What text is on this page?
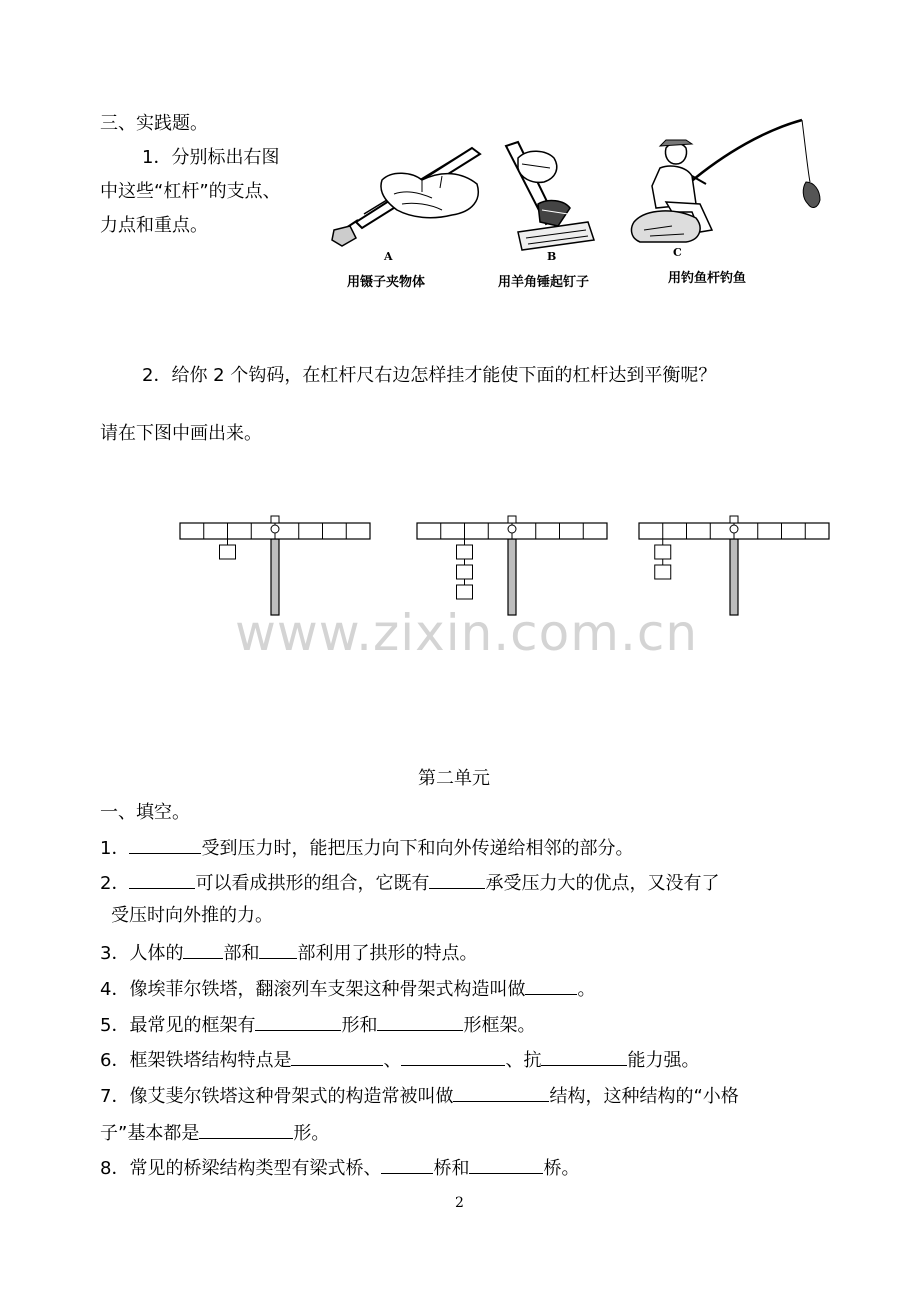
三、实践题。
1．分别标出右图
中这些“杠杆”的支点、
力点和重点。
A
用镊子夹物体
B
用羊角锤起钉子
C
用钓鱼杆钓鱼
2．给你 2 个钩码，在杠杆尺右边怎样挂才能使下面的杠杆达到平衡呢？
请在下图中画出来。
www.zixin.com.cn
第二单元
一、填空。
1．	受到压力时，能把压力向下和向外传递给相邻的部分。
2．	可以看成拱形的组合，它既有	承受压力大的优点，又没有了
受压时向外推的力。
3．人体的 部和 部利用了拱形的特点。
4．像埃菲尔铁塔，翻滚列车支架这种骨架式构造叫做	。
5．最常见的框架有	形和	形框架。
6．框架铁塔结构特点是	、	、抗	能力强。
7．像艾斐尔铁塔这种骨架式的构造常被叫做	结构，这种结构的“小格
子”基本都是	形。
8．常见的桥梁结构类型有梁式桥、	桥和	桥。
2
